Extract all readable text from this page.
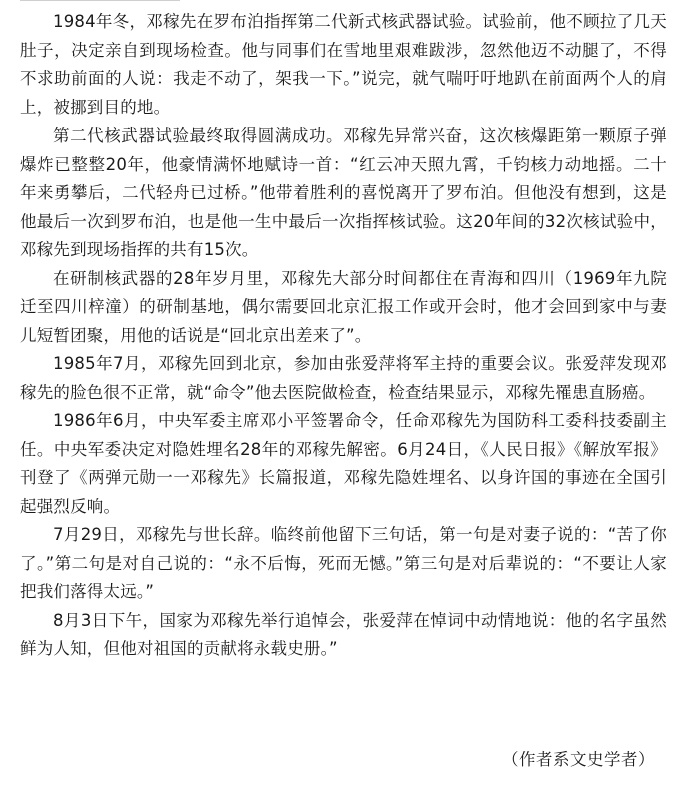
1984年冬，邓稼先在罗布泊指挥第二代新式核武器试验。试验前，他不顾拉了几天肚子，决定亲自到现场检查。他与同事们在雪地里艰难跋涉，忽然他迈不动腿了，不得不求助前面的人说：我走不动了，架我一下。”说完，就气喘吁吁地趴在前面两个人的肩上，被挪到目的地。

第二代核武器试验最终取得圆满成功。邓稼先异常兴奋，这次核爆距第一颗原子弹爆炸已整整20年，他豪情满怀地赋诗一首：“红云冲天照九霄，千钧核力动地摇。二十年来勇攀后，二代轻舟已过桥。”他带着胜利的喜悦离开了罗布泊。但他没有想到，这是他最后一次到罗布泊，也是他一生中最后一次指挥核试验。这20年间的32次核试验中，邓稼先到现场指挥的共有15次。

在研制核武器的28年岁月里，邓稼先大部分时间都住在青海和四川（1969年九院迁至四川梓潼）的研制基地，偶尔需要回北京汇报工作或开会时，他才会回到家中与妻儿短暂团聚，用他的话说是“回北京出差来了”。

1985年7月，邓稼先回到北京，参加由张爱萍将军主持的重要会议。张爱萍发现邓稼先的脸色很不正常，就“命令”他去医院做检查，检查结果显示，邓稼先罹患直肠癌。

1986年6月，中央军委主席邓小平签署命令，任命邓稼先为国防科工委科技委副主任。中央军委决定对隐姓埋名28年的邓稼先解密。6月24日，《人民日报》《解放军报》刊登了《两弹元勋一一邓稼先》长篇报道，邓稼先隐姓埋名、以身许国的事迹在全国引起强烈反响。

7月29日，邓稼先与世长辞。临终前他留下三句话，第一句是对妻子说的：“苦了你了。”第二句是对自己说的：“永不后悔，死而无憾。”第三句是对后辈说的：“不要让人家把我们落得太远。”

8月3日下午，国家为邓稼先举行追悼会，张爱萍在悼词中动情地说：他的名字虽然鲜为人知，但他对祖国的贡献将永载史册。”

（作者系文史学者）
